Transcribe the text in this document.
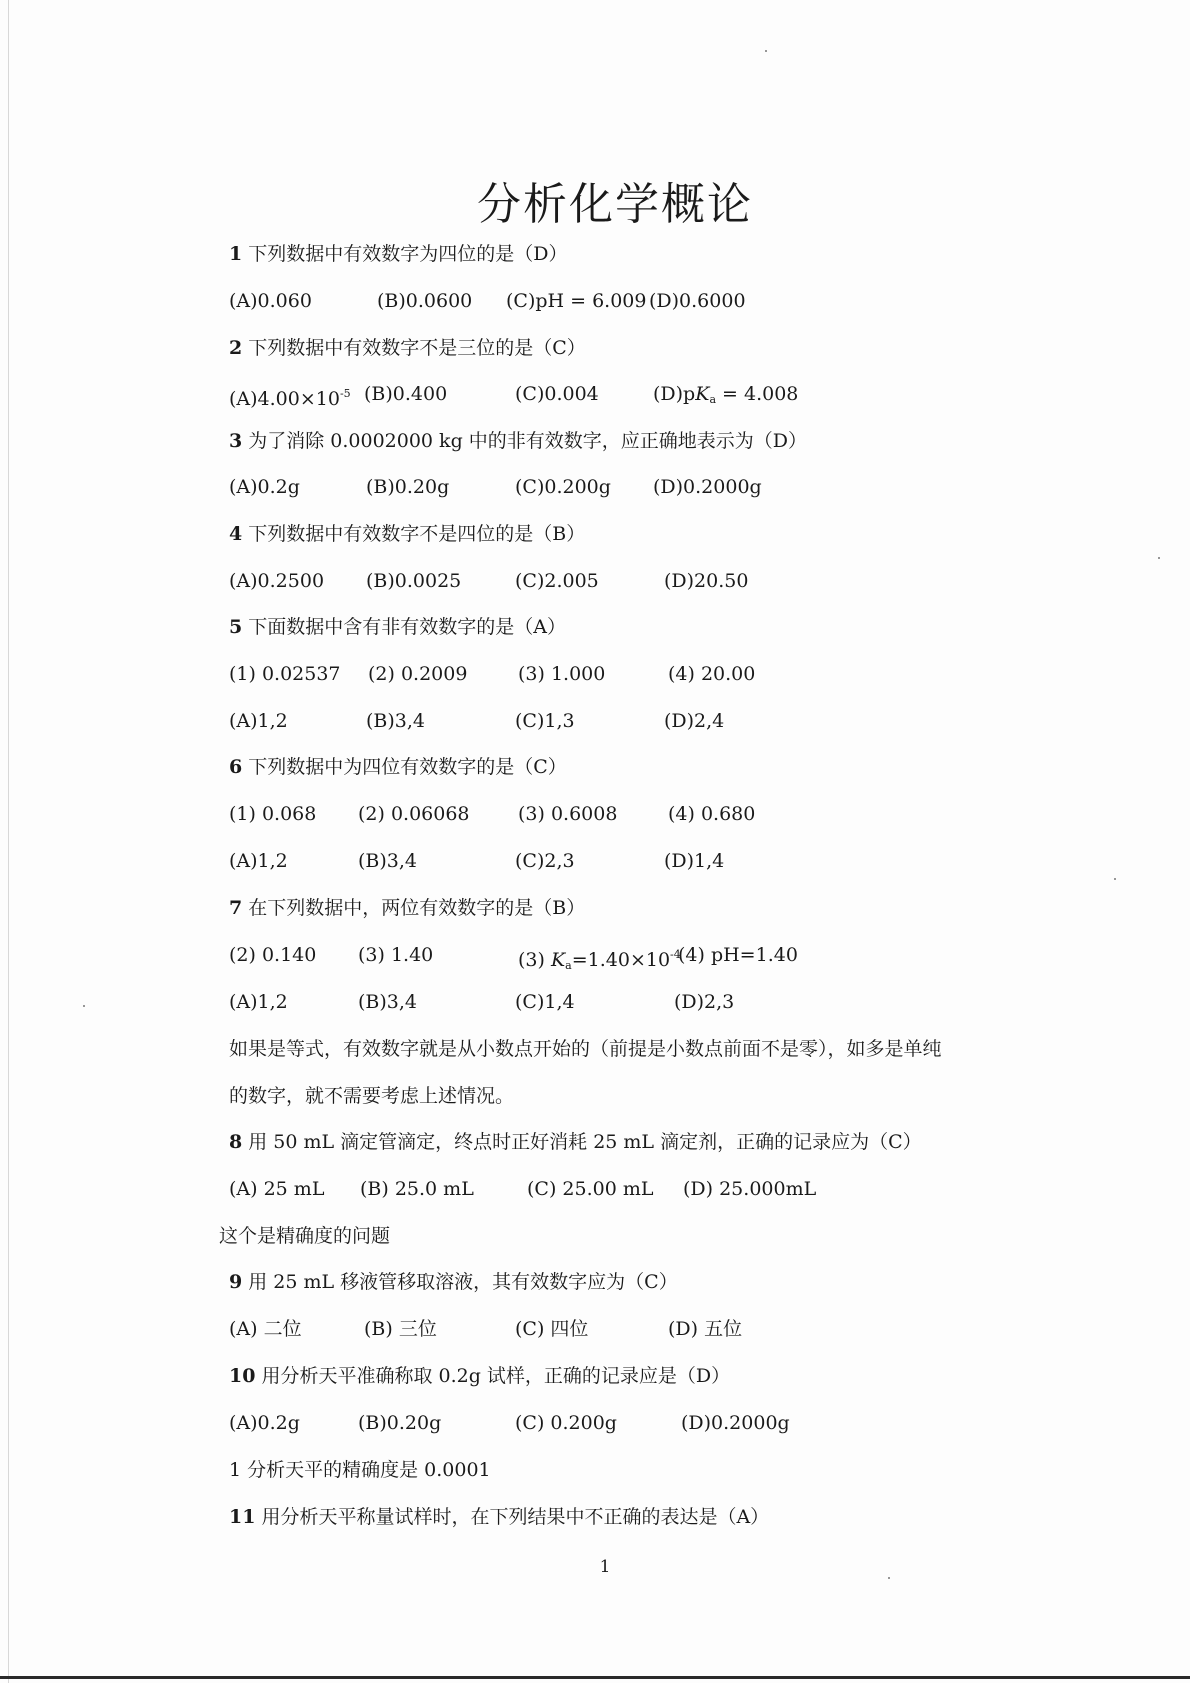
分析化学概论
1 下列数据中有效数字为四位的是（D）
(A)0.060	(B)0.0600 (C)pH = 6.009 (D)0.6000
2 下列数据中有效数字不是三位的是（C）
$(A)4.00\times 10^{-5}$ (B)0.400	(C)0.004	$(D)pK_a = 4.008$
3 为了消除 0.0002000 kg 中的非有效数字，应正确地表示为（D）
(A)0.2g	(B)0.20g	(C)0.200g (D)0.2000g
4 下列数据中有效数字不是四位的是（B）
(A)0.2500 (B)0.0025	(C)2.005	(D)20.50
5 下面数据中含有非有效数字的是（A）
(1) 0.02537 (2) 0.2009	(3) 1.000	(4) 20.00
(A)1,2	(B)3,4	(C)1,3	(D)2,4
6 下列数据中为四位有效数字的是（C）
(1) 0.068 (2) 0.06068	(3) 0.6008	(4) 0.680
(A)1,2	(B)3,4	(C)2,3	(D)1,4
7 在下列数据中，两位有效数字的是（B）
(2) 0.140 (3) 1.40	(3) $K_a=1.40\times 10^{-4}$
(4) pH=1.40
(A)1,2	(B)3,4	(C)1,4	(D)2,3
如果是等式，有效数字就是从小数点开始的（前提是小数点前面不是零），如多是单纯
的数字，就不需要考虑上述情况。
8 用 50 mL 滴定管滴定，终点时正好消耗 25 mL 滴定剂，正确的记录应为（C）
(A) 25 mL (B) 25.0 mL	(C) 25.00 mL (D) 25.000mL
这个是精确度的问题
9 用 25 mL 移液管移取溶液，其有效数字应为（C）
(A) 二位	(B) 三位	(C) 四位	(D) 五位
10 用分析天平准确称取 0.2g 试样，正确的记录应是（D）
(A)0.2g	(B)0.20g	(C) 0.200g	(D)0.2000g
1 分析天平的精确度是 0.0001
11 用分析天平称量试样时，在下列结果中不正确的表达是（A）
1
